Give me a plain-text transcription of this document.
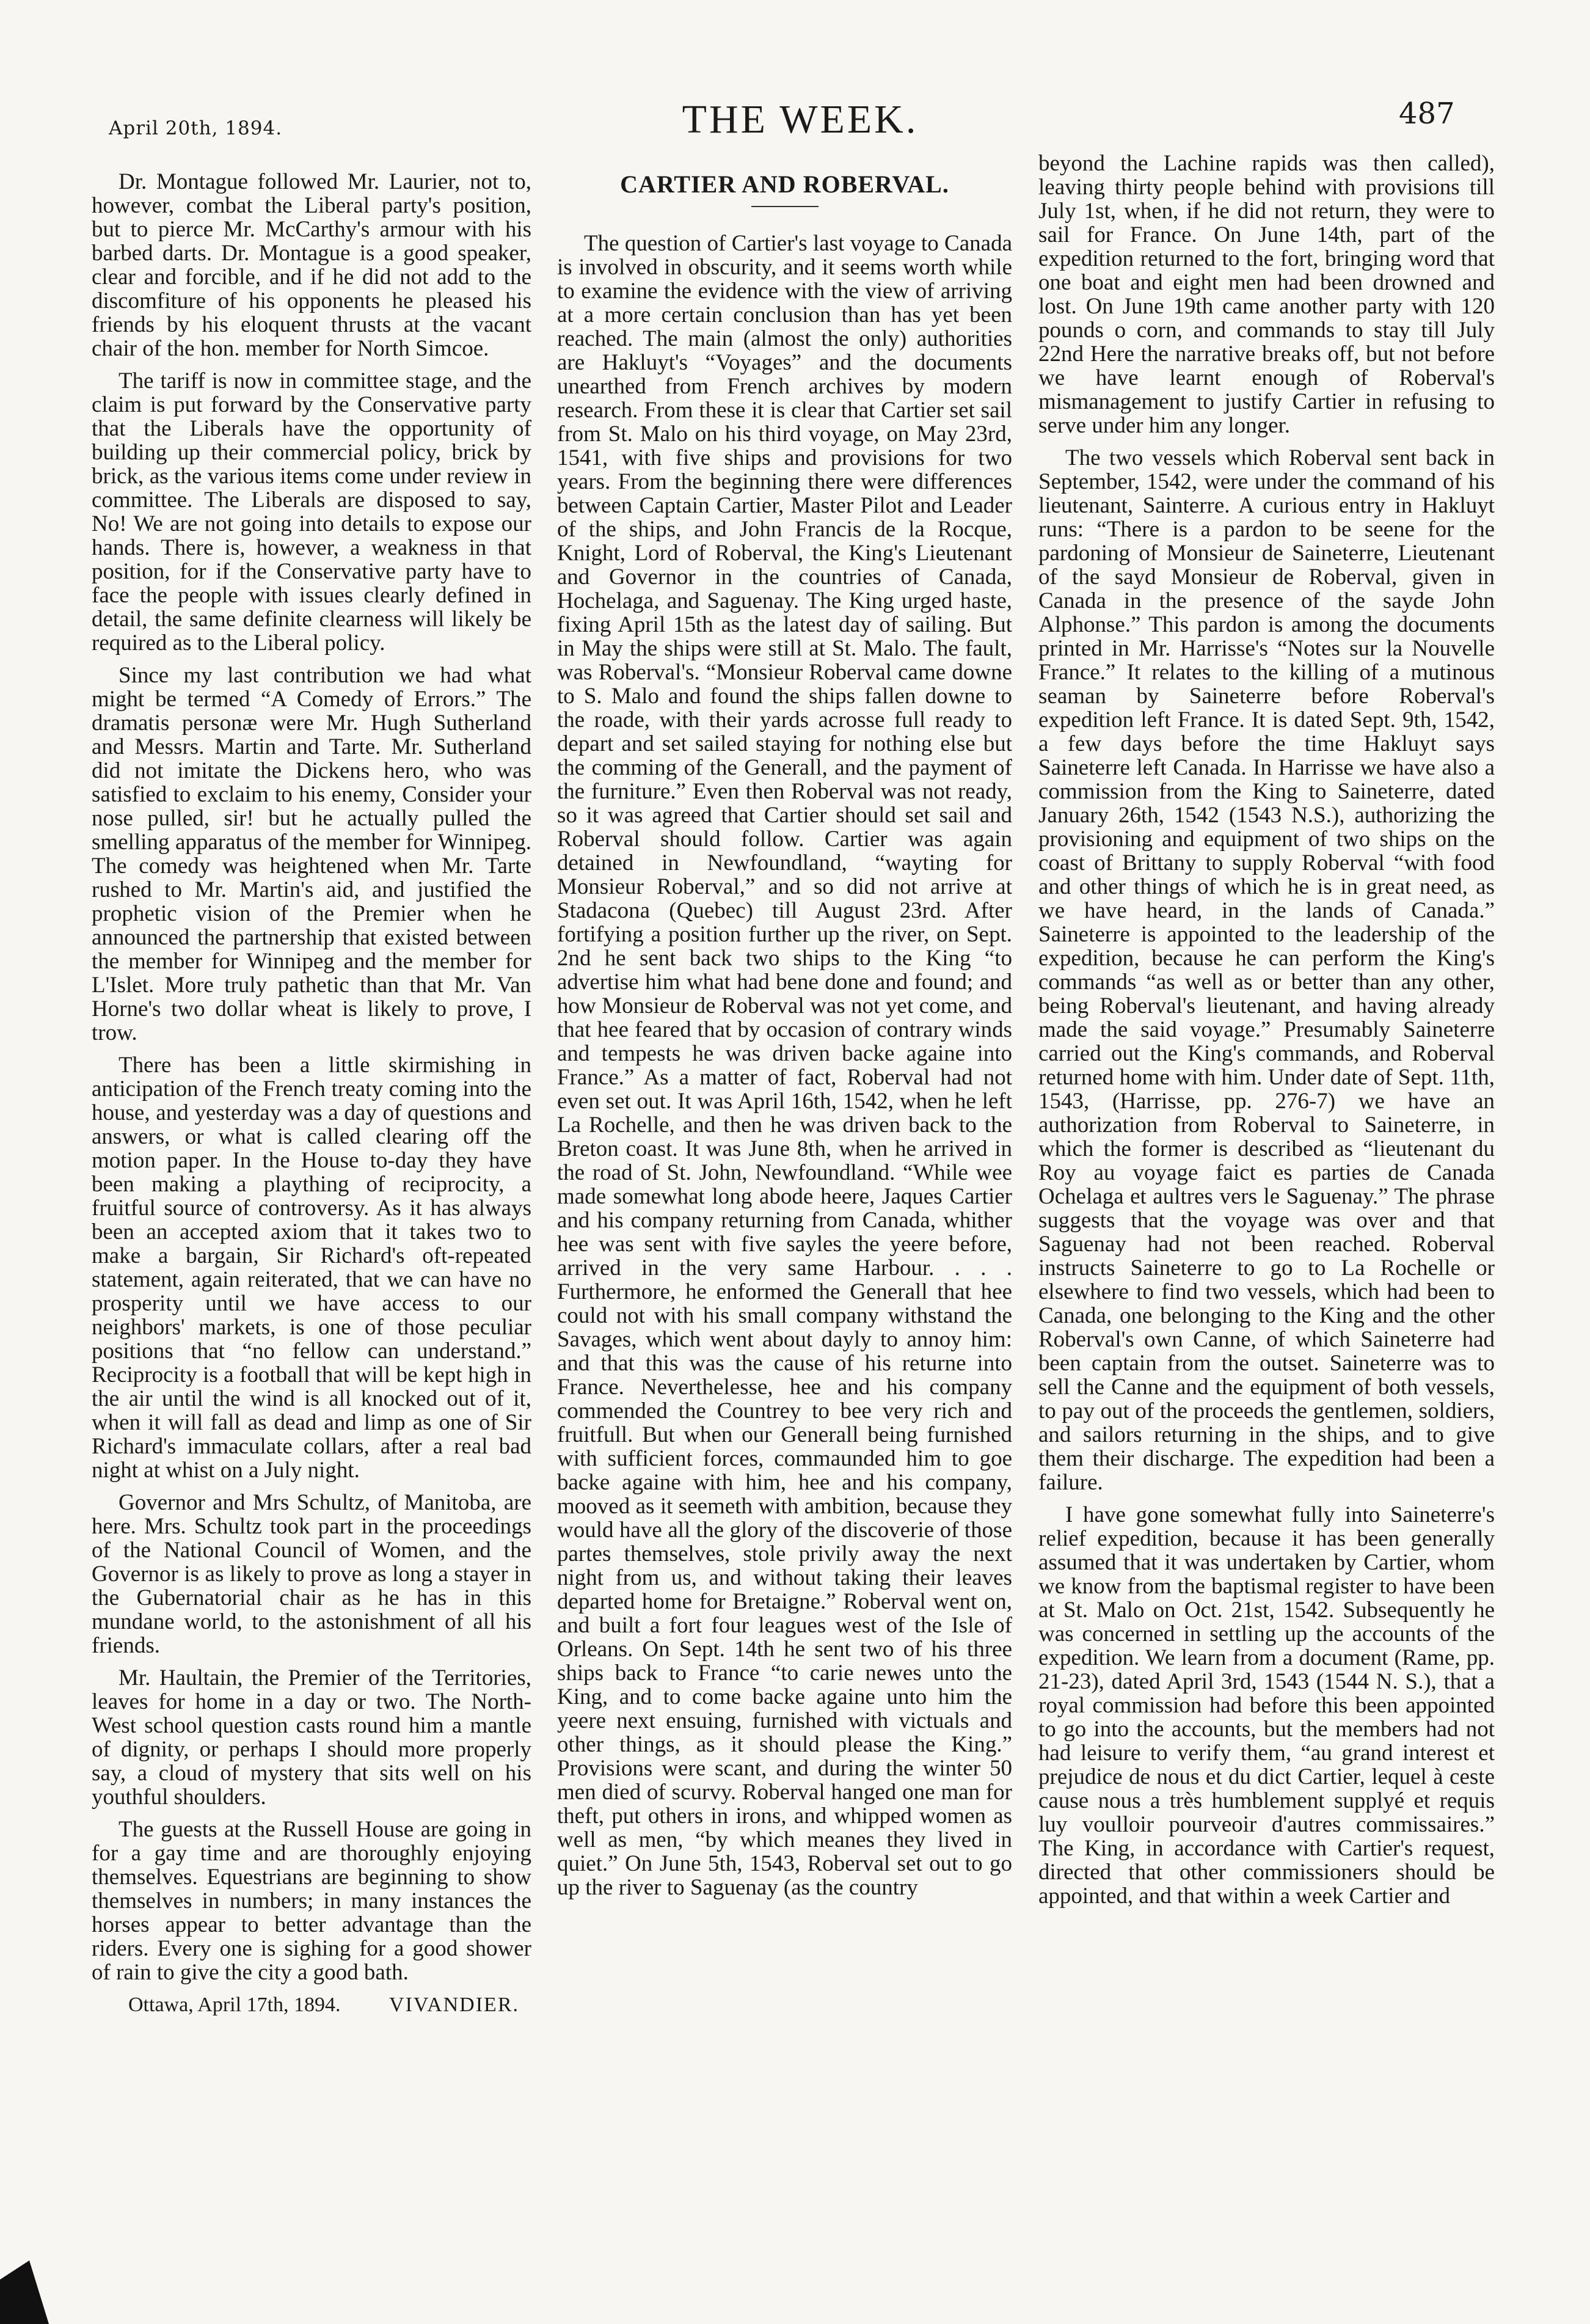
April 20th, 1894.	THE WEEK.	487

Dr. Montague followed Mr. Laurier, not to, however, combat the Liberal party's position, but to pierce Mr. McCarthy's armour with his barbed darts. Dr. Montague is a good speaker, clear and forcible, and if he did not add to the discomfiture of his opponents he pleased his friends by his eloquent thrusts at the vacant chair of the hon. member for North Simcoe.

The tariff is now in committee stage, and the claim is put forward by the Conservative party that the Liberals have the opportunity of building up their commercial policy, brick by brick, as the various items come under review in committee. The Liberals are disposed to say, No! We are not going into details to expose our hands. There is, however, a weakness in that position, for if the Conservative party have to face the people with issues clearly defined in detail, the same definite clearness will likely be required as to the Liberal policy.

Since my last contribution we had what might be termed “A Comedy of Errors.” The dramatis personæ were Mr. Hugh Sutherland and Messrs. Martin and Tarte. Mr. Sutherland did not imitate the Dickens hero, who was satisfied to exclaim to his enemy, Consider your nose pulled, sir! but he actually pulled the smelling apparatus of the member for Winnipeg. The comedy was heightened when Mr. Tarte rushed to Mr. Martin's aid, and justified the prophetic vision of the Premier when he announced the partnership that existed between the member for Winnipeg and the member for L'Islet. More truly pathetic than that Mr. Van Horne's two dollar wheat is likely to prove, I trow.

There has been a little skirmishing in anticipation of the French treaty coming into the house, and yesterday was a day of questions and answers, or what is called clearing off the motion paper. In the House to-day they have been making a plaything of reciprocity, a fruitful source of controversy. As it has always been an accepted axiom that it takes two to make a bargain, Sir Richard's oft-repeated statement, again reiterated, that we can have no prosperity until we have access to our neighbors' markets, is one of those peculiar positions that “no fellow can understand.” Reciprocity is a football that will be kept high in the air until the wind is all knocked out of it, when it will fall as dead and limp as one of Sir Richard's immaculate collars, after a real bad night at whist on a July night.

Governor and Mrs Schultz, of Manitoba, are here. Mrs. Schultz took part in the proceedings of the National Council of Women, and the Governor is as likely to prove as long a stayer in the Gubernatorial chair as he has in this mundane world, to the astonishment of all his friends.

Mr. Haultain, the Premier of the Territories, leaves for home in a day or two. The North-West school question casts round him a mantle of dignity, or perhaps I should more properly say, a cloud of mystery that sits well on his youthful shoulders.

The guests at the Russell House are going in for a gay time and are thoroughly enjoying themselves. Equestrians are beginning to show themselves in numbers; in many instances the horses appear to better advantage than the riders. Every one is sighing for a good shower of rain to give the city a good bath.

Ottawa, April 17th, 1894. VIVANDIER.
CARTIER AND ROBERVAL.

The question of Cartier's last voyage to Canada is involved in obscurity, and it seems worth while to examine the evidence with the view of arriving at a more certain conclusion than has yet been reached. The main (almost the only) authorities are Hakluyt's “Voyages” and the documents unearthed from French archives by modern research. From these it is clear that Cartier set sail from St. Malo on his third voyage, on May 23rd, 1541, with five ships and provisions for two years. From the beginning there were differences between Captain Cartier, Master Pilot and Leader of the ships, and John Francis de la Rocque, Knight, Lord of Roberval, the King's Lieutenant and Governor in the countries of Canada, Hochelaga, and Saguenay. The King urged haste, fixing April 15th as the latest day of sailing. But in May the ships were still at St. Malo. The fault, was Roberval's. “Monsieur Roberval came downe to S. Malo and found the ships fallen downe to the roade, with their yards acrosse full ready to depart and set sailed staying for nothing else but the comming of the Generall, and the payment of the furniture.” Even then Roberval was not ready, so it was agreed that Cartier should set sail and Roberval should follow. Cartier was again detained in Newfoundland, “wayting for Monsieur Roberval,” and so did not arrive at Stadacona (Quebec) till August 23rd. After fortifying a position further up the river, on Sept. 2nd he sent back two ships to the King “to advertise him what had bene done and found; and how Monsieur de Roberval was not yet come, and that hee feared that by occasion of contrary winds and tempests he was driven backe againe into France.” As a matter of fact, Roberval had not even set out. It was April 16th, 1542, when he left La Rochelle, and then he was driven back to the Breton coast. It was June 8th, when he arrived in the road of St. John, Newfoundland. “While wee made somewhat long abode heere, Jaques Cartier and his company returning from Canada, whither hee was sent with five sayles the yeere before, arrived in the very same Harbour. . . . Furthermore, he enformed the Generall that hee could not with his small company withstand the Savages, which went about dayly to annoy him: and that this was the cause of his returne into France. Neverthelesse, hee and his company commended the Countrey to bee very rich and fruitfull. But when our Generall being furnished with sufficient forces, commaunded him to goe backe againe with him, hee and his company, mooved as it seemeth with ambition, because they would have all the glory of the discoverie of those partes themselves, stole privily away the next night from us, and without taking their leaves departed home for Bretaigne.” Roberval went on, and built a fort four leagues west of the Isle of Orleans. On Sept. 14th he sent two of his three ships back to France “to carie newes unto the King, and to come backe againe unto him the yeere next ensuing, furnished with victuals and other things, as it should please the King.” Provisions were scant, and during the winter 50 men died of scurvy. Roberval hanged one man for theft, put others in irons, and whipped women as well as men, “by which meanes they lived in quiet.” On June 5th, 1543, Roberval set out to go up the river to Saguenay (as the country

beyond the Lachine rapids was then called), leaving thirty people behind with provisions till July 1st, when, if he did not return, they were to sail for France. On June 14th, part of the expedition returned to the fort, bringing word that one boat and eight men had been drowned and lost. On June 19th came another party with 120 pounds o corn, and commands to stay till July 22nd Here the narrative breaks off, but not before we have learnt enough of Roberval's mismanagement to justify Cartier in refusing to serve under him any longer.

The two vessels which Roberval sent back in September, 1542, were under the command of his lieutenant, Sainterre. A curious entry in Hakluyt runs: “There is a pardon to be seene for the pardoning of Monsieur de Saineterre, Lieutenant of the sayd Monsieur de Roberval, given in Canada in the presence of the sayde John Alphonse.” This pardon is among the documents printed in Mr. Harrisse's “Notes sur la Nouvelle France.” It relates to the killing of a mutinous seaman by Saineterre before Roberval's expedition left France. It is dated Sept. 9th, 1542, a few days before the time Hakluyt says Saineterre left Canada. In Harrisse we have also a commission from the King to Saineterre, dated January 26th, 1542 (1543 N.S.), authorizing the provisioning and equipment of two ships on the coast of Brittany to supply Roberval “with food and other things of which he is in great need, as we have heard, in the lands of Canada.” Saineterre is appointed to the leadership of the expedition, because he can perform the King's commands “as well as or better than any other, being Roberval's lieutenant, and having already made the said voyage.” Presumably Saineterre carried out the King's commands, and Roberval returned home with him. Under date of Sept. 11th, 1543, (Harrisse, pp. 276-7) we have an authorization from Roberval to Saineterre, in which the former is described as “lieutenant du Roy au voyage faict es parties de Canada Ochelaga et aultres vers le Saguenay.” The phrase suggests that the voyage was over and that Saguenay had not been reached. Roberval instructs Saineterre to go to La Rochelle or elsewhere to find two vessels, which had been to Canada, one belonging to the King and the other Roberval's own Canne, of which Saineterre had been captain from the outset. Saineterre was to sell the Canne and the equipment of both vessels, to pay out of the proceeds the gentlemen, soldiers, and sailors returning in the ships, and to give them their discharge. The expedition had been a failure.

I have gone somewhat fully into Saineterre's relief expedition, because it has been generally assumed that it was undertaken by Cartier, whom we know from the baptismal register to have been at St. Malo on Oct. 21st, 1542. Subsequently he was concerned in settling up the accounts of the expedition. We learn from a document (Rame, pp. 21-23), dated April 3rd, 1543 (1544 N. S.), that a royal commission had before this been appointed to go into the accounts, but the members had not had leisure to verify them, “au grand interest et prejudice de nous et du dict Cartier, lequel à ceste cause nous a très humblement supplyé et requis luy voulloir pourveoir d'autres commissaires.” The King, in accordance with Cartier's request, directed that other commissioners should be appointed, and that within a week Cartier and
